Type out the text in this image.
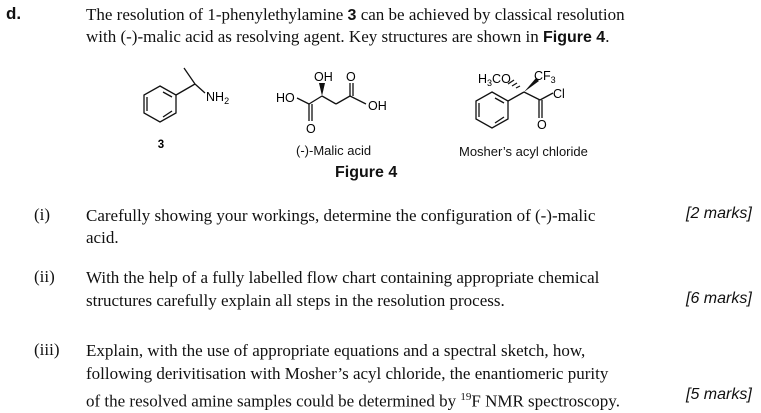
d.	The resolution of 1-phenylethylamine 3 can be achieved by classical resolution
with (-)-malic acid as resolving agent. Key structures are shown in Figure 4.
$NH_2$
3
HO
OH O
OH
O
$H_3CO$ $CF_3$
Cl
O
(-)-Malic acid	Mosher’s acyl chloride
Figure 4
(i) Carefully showing your workings, determine the configuration of (-)-malic
acid.
[2 marks]
(ii) With the help of a fully labelled flow chart containing appropriate chemical
structures carefully explain all steps in the resolution process.	[6 marks]
(iii) Explain, with the use of appropriate equations and a spectral sketch, how,
following derivitisation with Mosher’s acyl chloride, the enantiomeric purity
of the resolved amine samples could be determined by $^{19}$F NMR spectroscopy.	[5 marks]
